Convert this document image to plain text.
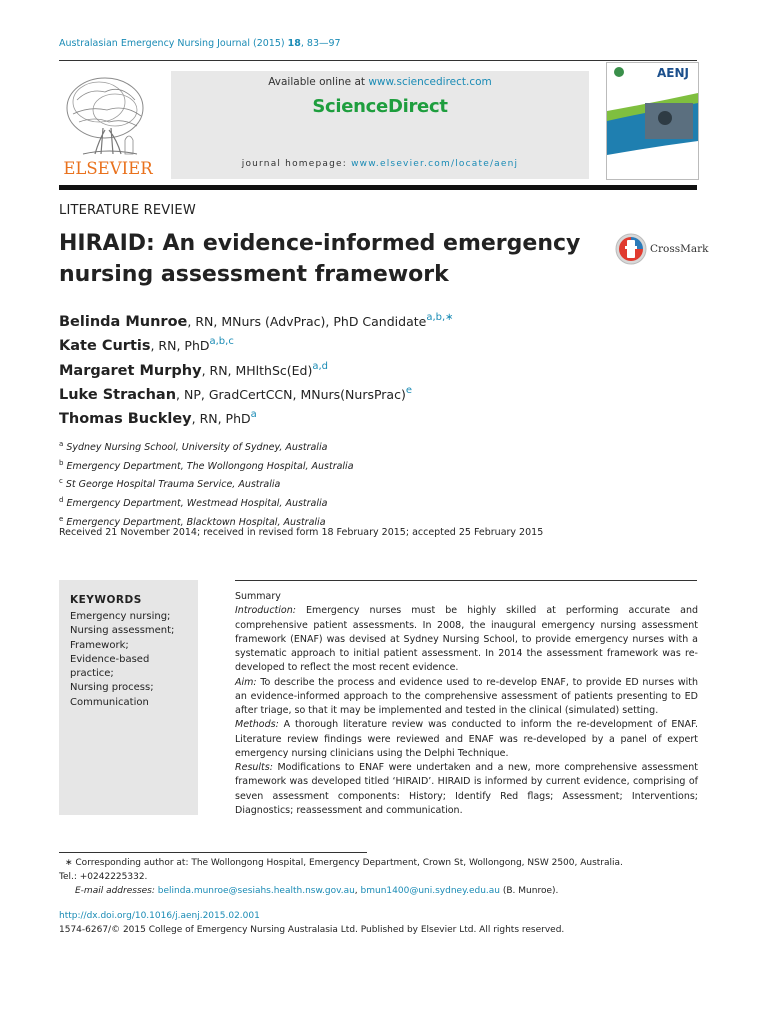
Australasian Emergency Nursing Journal (2015) 18, 83—97
ELSEVIER
Available online at www.sciencedirect.com
ScienceDirect
journal homepage: www.elsevier.com/locate/aenj
AENJ
LITERATURE REVIEW
HIRAID: An evidence-informed emergency
nursing assessment framework
CrossMark
Belinda Munroe, RN, MNurs (AdvPrac), PhD Candidate$^{a,b,∗}$
Kate Curtis, RN, PhD$^{a,b,c}$
Margaret Murphy, RN, $MHlthSc(Ed)^{a,d}$
Luke Strachan, NP, GradCertCCN, MNurs(NursPrac)$^e$
Thomas Buckley, RN, PhD$^a$
$^a$ Sydney Nursing School, University of Sydney, Australia
$^b$ Emergency Department, The Wollongong Hospital, Australia
$^c$ St George Hospital Trauma Service, Australia
$^d$ Emergency Department, Westmead Hospital, Australia
$^e$ Emergency Department, Blacktown Hospital, Australia
Received 21 November 2014; received in revised form 18 February 2015; accepted 25 February 2015
KEYWORDS
Emergency nursing;
Nursing assessment;
Framework;
Evidence-based
practice;
Nursing process;
Communication
Summary
Introduction: Emergency nurses must be highly skilled at performing accurate and comprehensive patient assessments. In 2008, the inaugural emergency nursing assessment framework (ENAF) was devised at Sydney Nursing School, to provide emergency nurses with a systematic approach to initial patient assessment. In 2014 the assessment framework was re-developed to reflect the most recent evidence.
Aim: To describe the process and evidence used to re-develop ENAF, to provide ED nurses with an evidence-informed approach to the comprehensive assessment of patients presenting to ED after triage, so that it may be implemented and tested in the clinical (simulated) setting.
Methods: A thorough literature review was conducted to inform the re-development of ENAF. Literature review findings were reviewed and ENAF was re-developed by a panel of expert emergency nursing clinicians using the Delphi Technique.
Results: Modifications to ENAF were undertaken and a new, more comprehensive assessment framework was developed titled ‘HIRAID’. HIRAID is informed by current evidence, comprising of seven assessment components: History; Identify Red flags; Assessment; Interventions; Diagnostics; reassessment and communication.
∗ Corresponding author at: The Wollongong Hospital, Emergency Department, Crown St, Wollongong, NSW 2500, Australia.
Tel.: +0242225332.
E-mail addresses: belinda.munroe@sesiahs.health.nsw.gov.au, bmun1400@uni.sydney.edu.au (B. Munroe).
http://dx.doi.org/10.1016/j.aenj.2015.02.001
1574-6267/© 2015 College of Emergency Nursing Australasia Ltd. Published by Elsevier Ltd. All rights reserved.
